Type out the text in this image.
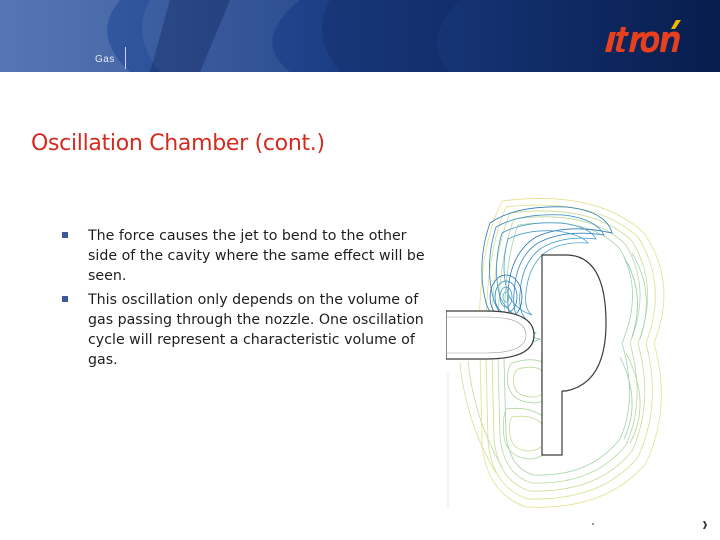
Gas
Oscillation Chamber (cont.)
The force causes the jet to bend to the other side of the cavity where the same effect will be seen.
This oscillation only depends on the volume of gas passing through the nozzle. One oscillation cycle will represent a characteristic volume of gas.
